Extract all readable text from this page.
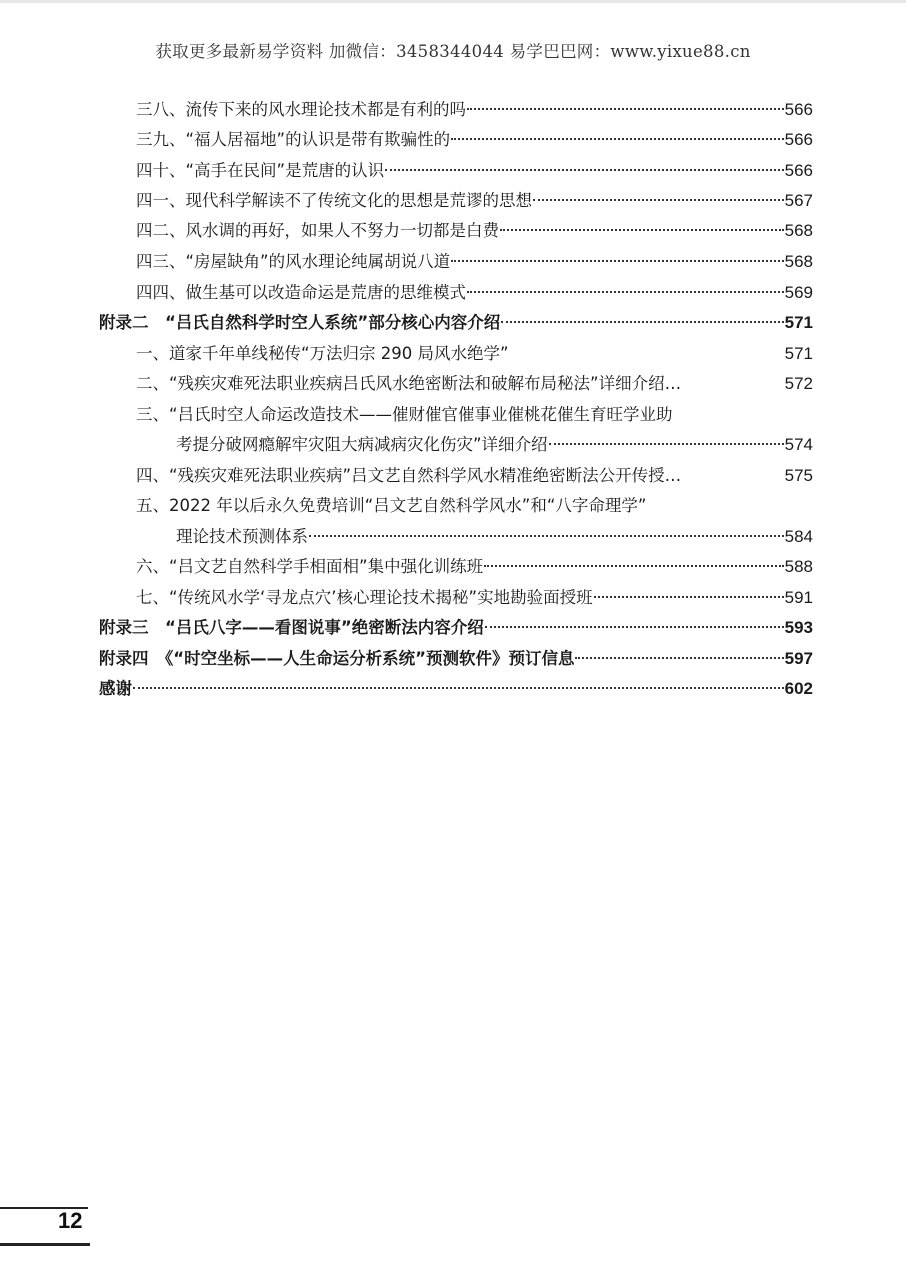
获取更多最新易学资料 加微信：3458344044 易学巴巴网：www.yixue88.cn
三八、流传下来的风水理论技术都是有利的吗	566
三九、“福人居福地”的认识是带有欺骗性的	566
四十、“高手在民间”是荒唐的认识	566
四一、现代科学解读不了传统文化的思想是荒谬的思想	567
四二、风水调的再好，如果人不努力一切都是白费	568
四三、“房屋缺角”的风水理论纯属胡说八道	568
四四、做生基可以改造命运是荒唐的思维模式	569
附录二　“吕氏自然科学时空人系统”部分核心内容介绍	571
一、道家千年单线秘传“万法归宗 290 局风水绝学”	571
二、“残疾灾难死法职业疾病吕氏风水绝密断法和破解布局秘法”详细介绍…	572
三、“吕氏时空人命运改造技术——催财催官催事业催桃花催生育旺学业助
考提分破网瘾解牢灾阻大病减病灾化伤灾”详细介绍	574
四、“残疾灾难死法职业疾病”吕文艺自然科学风水精准绝密断法公开传授…	575
五、2022 年以后永久免费培训“吕文艺自然科学风水”和“八字命理学”
理论技术预测体系	584
六、“吕文艺自然科学手相面相”集中强化训练班	588
七、“传统风水学‘寻龙点穴’核心理论技术揭秘”实地勘验面授班	591
附录三　“吕氏八字——看图说事”绝密断法内容介绍	593
附录四　《“时空坐标——人生命运分析系统”预测软件》预订信息	597
感谢	602
12
